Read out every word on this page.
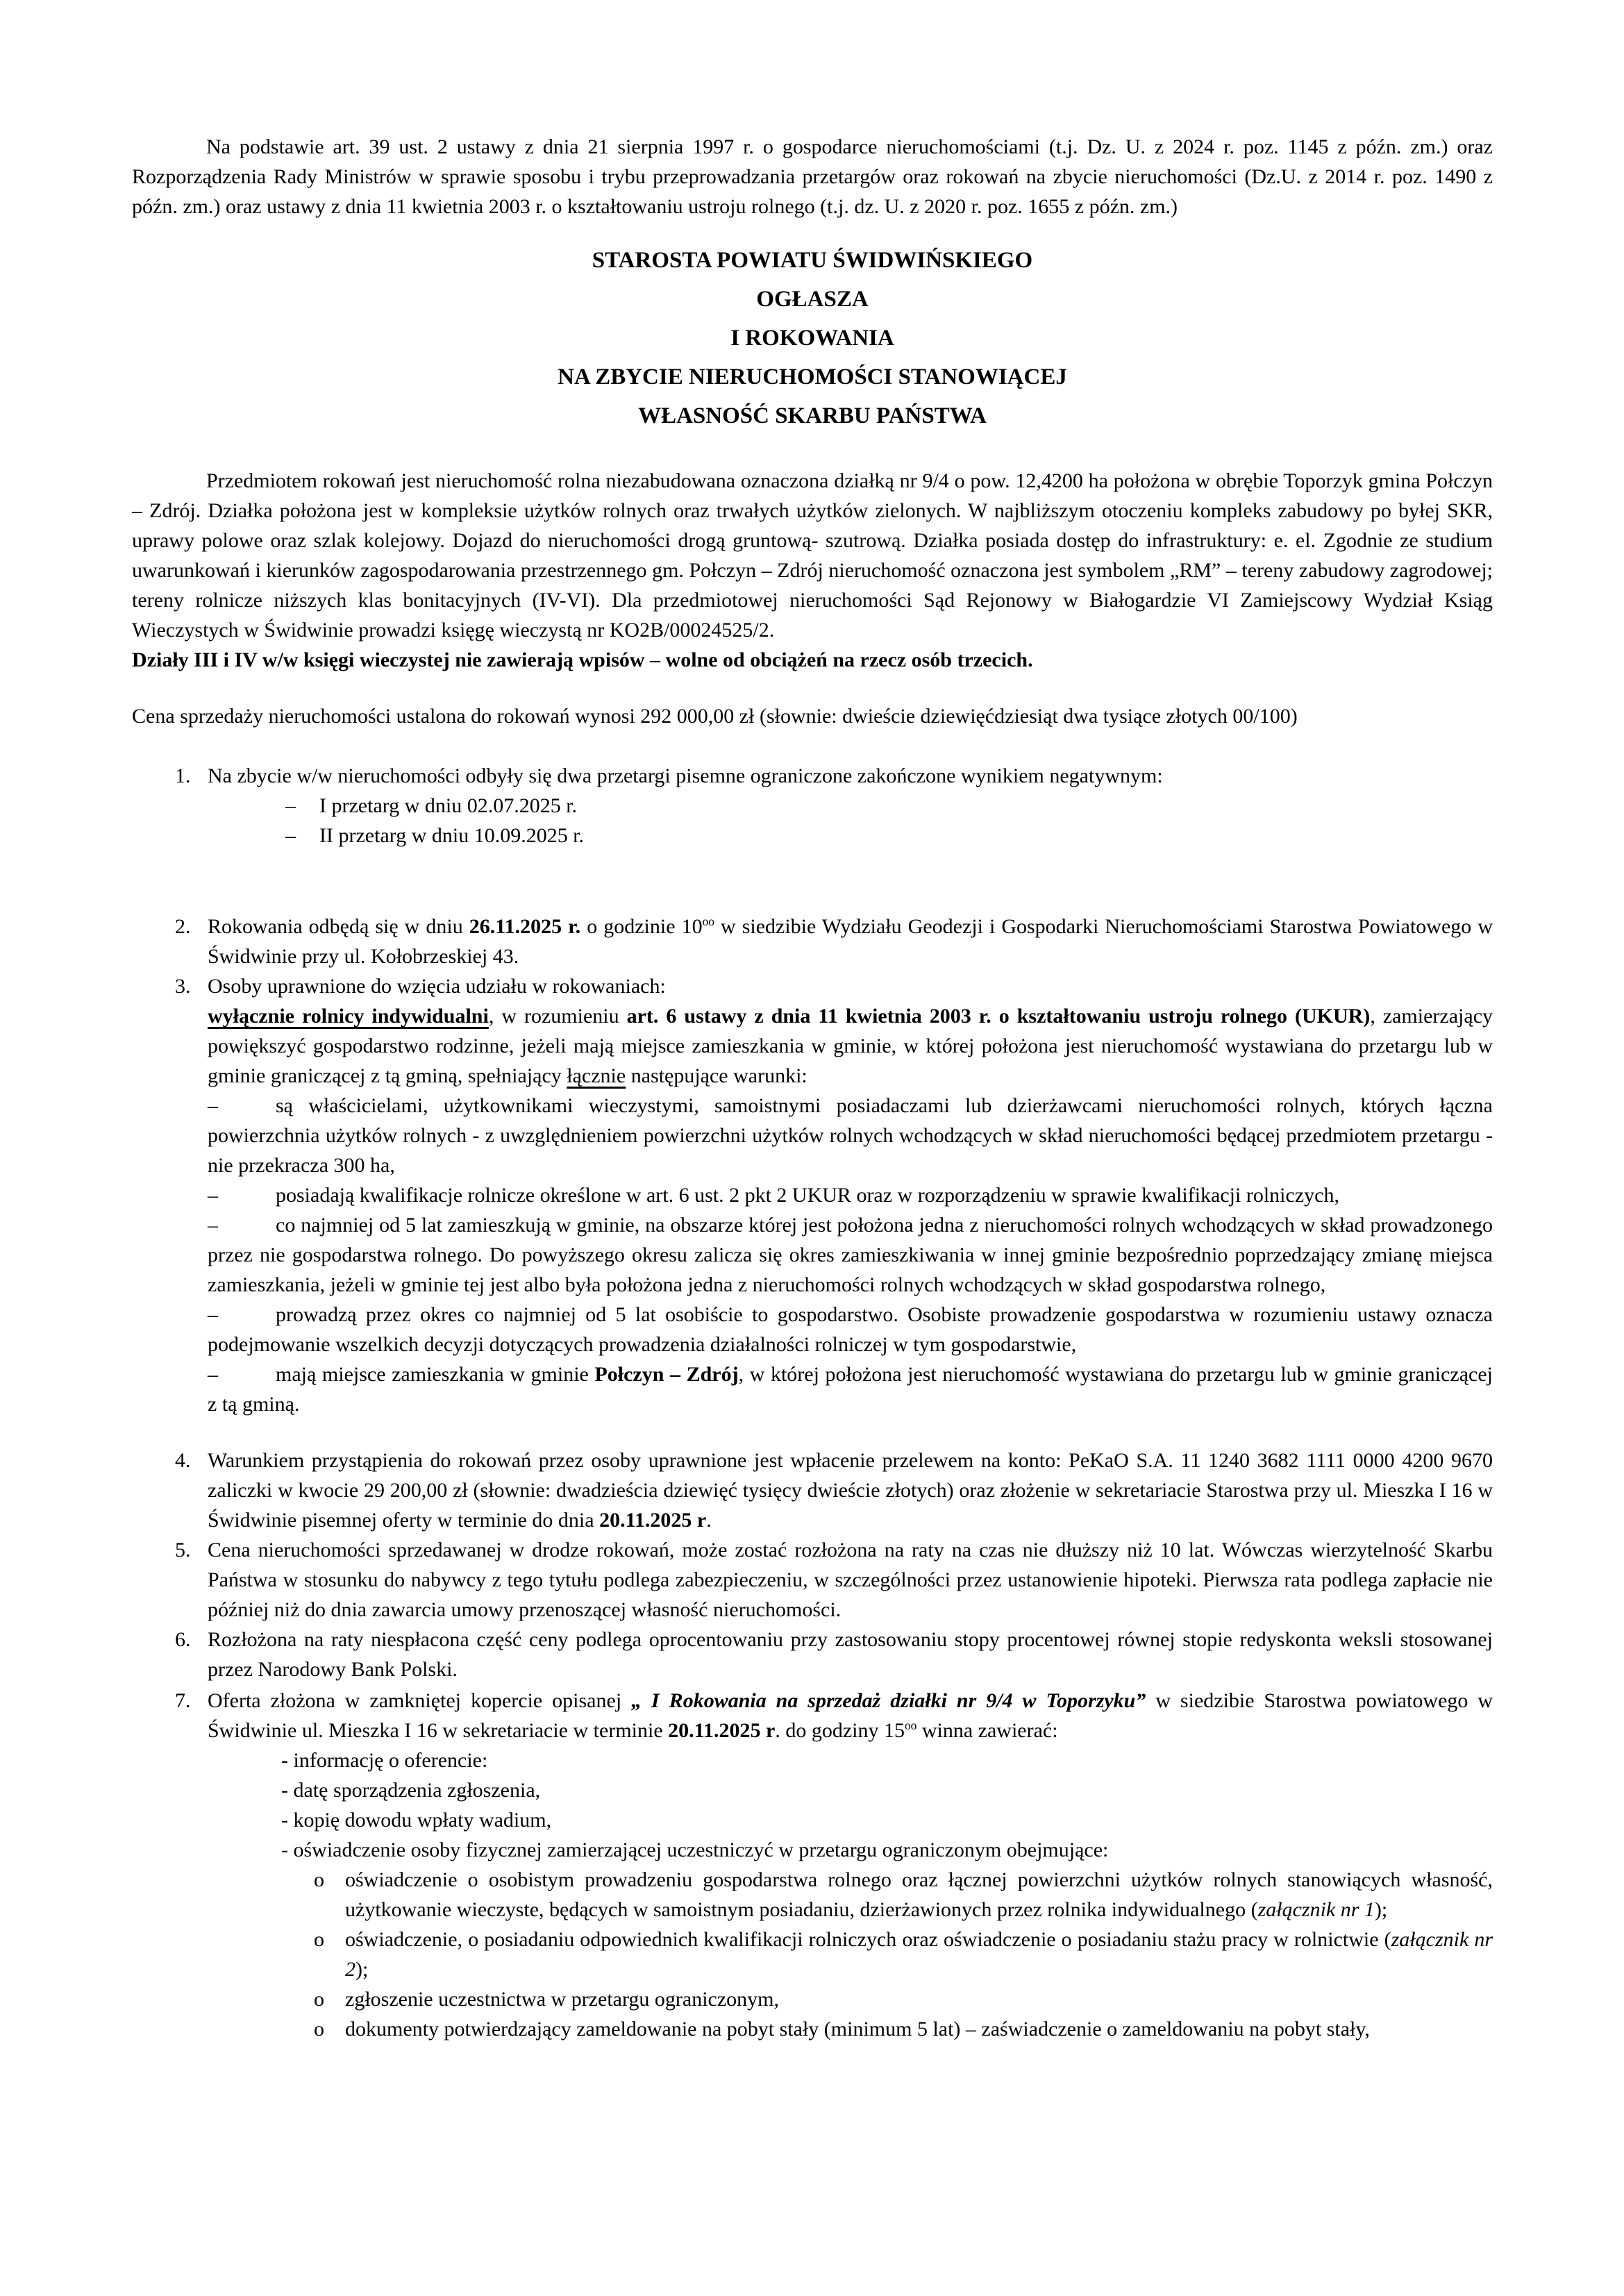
Na podstawie art. 39 ust. 2 ustawy z dnia 21 sierpnia 1997 r. o gospodarce nieruchomościami (t.j. Dz. U. z 2024 r. poz. 1145 z późn. zm.) oraz Rozporządzenia Rady Ministrów w sprawie sposobu i trybu przeprowadzania przetargów oraz rokowań na zbycie nieruchomości (Dz.U. z 2014 r. poz. 1490 z późn. zm.) oraz ustawy z dnia 11 kwietnia 2003 r. o kształtowaniu ustroju rolnego (t.j. dz. U. z 2020 r. poz. 1655 z późn. zm.)

STAROSTA POWIATU ŚWIDWIŃSKIEGO
OGŁASZA
I ROKOWANIA
NA ZBYCIE NIERUCHOMOŚCI STANOWIĄCEJ
WŁASNOŚĆ SKARBU PAŃSTWA

Przedmiotem rokowań jest nieruchomość rolna niezabudowana oznaczona działką nr 9/4 o pow. 12,4200 ha położona w obrębie Toporzyk gmina Połczyn – Zdrój. Działka położona jest w kompleksie użytków rolnych oraz trwałych użytków zielonych. W najbliższym otoczeniu kompleks zabudowy po byłej SKR, uprawy polowe oraz szlak kolejowy. Dojazd do nieruchomości drogą gruntową- szutrową. Działka posiada dostęp do infrastruktury: e. el. Zgodnie ze studium uwarunkowań i kierunków zagospodarowania przestrzennego gm. Połczyn – Zdrój nieruchomość oznaczona jest symbolem „RM” – tereny zabudowy zagrodowej; tereny rolnicze niższych klas bonitacyjnych (IV-VI). Dla przedmiotowej nieruchomości Sąd Rejonowy w Białogardzie VI Zamiejscowy Wydział Ksiąg Wieczystych w Świdwinie prowadzi księgę wieczystą nr KO2B/00024525/2.

Działy III i IV w/w księgi wieczystej nie zawierają wpisów – wolne od obciążeń na rzecz osób trzecich.

Cena sprzedaży nieruchomości ustalona do rokowań wynosi 292 000,00 zł (słownie: dwieście dziewięćdziesiąt dwa tysiące złotych 00/100)

1. Na zbycie w/w nieruchomości odbyły się dwa przetargi pisemne ograniczone zakończone wynikiem negatywnym:
– I przetarg w dniu 02.07.2025 r.
– II przetarg w dniu 10.09.2025 r.
2. Rokowania odbędą się w dniu 26.11.2025 r. o godzinie $10^{oo}$ w siedzibie Wydziału Geodezji i Gospodarki Nieruchomościami Starostwa Powiatowego w Świdwinie przy ul. Kołobrzeskiej 43.
3. Osoby uprawnione do wzięcia udziału w rokowaniach:
wyłącznie rolnicy indywidualni, w rozumieniu art. 6 ustawy z dnia 11 kwietnia 2003 r. o kształtowaniu ustroju rolnego (UKUR), zamierzający powiększyć gospodarstwo rodzinne, jeżeli mają miejsce zamieszkania w gminie, w której położona jest nieruchomość wystawiana do przetargu lub w gminie graniczącej z tą gminą, spełniający łącznie następujące warunki:
–	są właścicielami, użytkownikami wieczystymi, samoistnymi posiadaczami lub dzierżawcami nieruchomości rolnych, których łączna powierzchnia użytków rolnych - z uwzględnieniem powierzchni użytków rolnych wchodzących w skład nieruchomości będącej przedmiotem przetargu - nie przekracza 300 ha,
–	posiadają kwalifikacje rolnicze określone w art. 6 ust. 2 pkt 2 UKUR oraz w rozporządzeniu w sprawie kwalifikacji rolniczych,
–	co najmniej od 5 lat zamieszkują w gminie, na obszarze której jest położona jedna z nieruchomości rolnych wchodzących w skład prowadzonego przez nie gospodarstwa rolnego. Do powyższego okresu zalicza się okres zamieszkiwania w innej gminie bezpośrednio poprzedzający zmianę miejsca zamieszkania, jeżeli w gminie tej jest albo była położona jedna z nieruchomości rolnych wchodzących w skład gospodarstwa rolnego,
–	prowadzą przez okres co najmniej od 5 lat osobiście to gospodarstwo. Osobiste prowadzenie gospodarstwa w rozumieniu ustawy oznacza podejmowanie wszelkich decyzji dotyczących prowadzenia działalności rolniczej w tym gospodarstwie,
–	mają miejsce zamieszkania w gminie Połczyn – Zdrój, w której położona jest nieruchomość wystawiana do przetargu lub w gminie graniczącej z tą gminą.
4. Warunkiem przystąpienia do rokowań przez osoby uprawnione jest wpłacenie przelewem na konto: PeKaO S.A. 11 1240 3682 1111 0000 4200 9670 zaliczki w kwocie 29 200,00 zł (słownie: dwadzieścia dziewięć tysięcy dwieście złotych) oraz złożenie w sekretariacie Starostwa przy ul. Mieszka I 16 w Świdwinie pisemnej oferty w terminie do dnia 20.11.2025 r.
5. Cena nieruchomości sprzedawanej w drodze rokowań, może zostać rozłożona na raty na czas nie dłuższy niż 10 lat. Wówczas wierzytelność Skarbu Państwa w stosunku do nabywcy z tego tytułu podlega zabezpieczeniu, w szczególności przez ustanowienie hipoteki. Pierwsza rata podlega zapłacie nie później niż do dnia zawarcia umowy przenoszącej własność nieruchomości.
6. Rozłożona na raty niespłacona część ceny podlega oprocentowaniu przy zastosowaniu stopy procentowej równej stopie redyskonta weksli stosowanej przez Narodowy Bank Polski.
7. Oferta złożona w zamkniętej kopercie opisanej „ I Rokowania na sprzedaż działki nr 9/4 w Toporzyku” w siedzibie Starostwa powiatowego w Świdwinie ul. Mieszka I 16 w sekretariacie w terminie 20.11.2025 r. do godziny $15^{oo}$ winna zawierać:
- informację o oferencie:
- datę sporządzenia zgłoszenia,
- kopię dowodu wpłaty wadium,
- oświadczenie osoby fizycznej zamierzającej uczestniczyć w przetargu ograniczonym obejmujące:
o oświadczenie o osobistym prowadzeniu gospodarstwa rolnego oraz łącznej powierzchni użytków rolnych stanowiących własność, użytkowanie wieczyste, będących w samoistnym posiadaniu, dzierżawionych przez rolnika indywidualnego (załącznik nr 1);
o oświadczenie, o posiadaniu odpowiednich kwalifikacji rolniczych oraz oświadczenie o posiadaniu stażu pracy w rolnictwie (załącznik nr 2);
o zgłoszenie uczestnictwa w przetargu ograniczonym,
o dokumenty potwierdzający zameldowanie na pobyt stały (minimum 5 lat) – zaświadczenie o zameldowaniu na pobyt stały,
